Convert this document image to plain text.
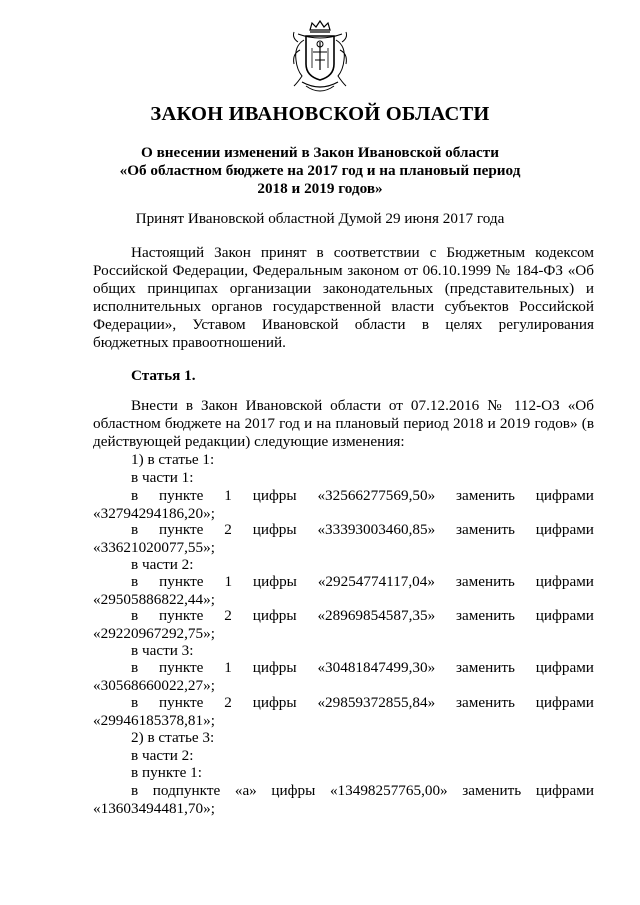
ЗАКОН ИВАНОВСКОЙ ОБЛАСТИ
О внесении изменений в Закон Ивановской области
«Об областном бюджете на 2017 год и на плановый период
2018 и 2019 годов»
Принят Ивановской областной Думой 29 июня 2017 года
Настоящий Закон принят в соответствии с Бюджетным кодексом Российской Федерации, Федеральным законом от 06.10.1999 № 184-ФЗ «Об общих принципах организации законодательных (представительных) и исполнительных органов государственной власти субъектов Российской Федерации», Уставом Ивановской области в целях регулирования бюджетных правоотношений.
Статья 1.
Внести в Закон Ивановской области от 07.12.2016 № 112-ОЗ «Об областном бюджете на 2017 год и на плановый период 2018 и 2019 годов» (в действующей редакции) следующие изменения:
1) в статье 1:
в части 1:
в пункте 1 цифры «32566277569,50» заменить цифрами
«32794294186,20»;
в пункте 2 цифры «33393003460,85» заменить цифрами
«33621020077,55»;
в части 2:
в пункте 1 цифры «29254774117,04» заменить цифрами
«29505886822,44»;
в пункте 2 цифры «28969854587,35» заменить цифрами
«29220967292,75»;
в части 3:
в пункте 1 цифры «30481847499,30» заменить цифрами
«30568660022,27»;
в пункте 2 цифры «29859372855,84» заменить цифрами
«29946185378,81»;
2) в статье 3:
в части 2:
в пункте 1:
в подпункте «а» цифры «13498257765,00» заменить цифрами
«13603494481,70»;
